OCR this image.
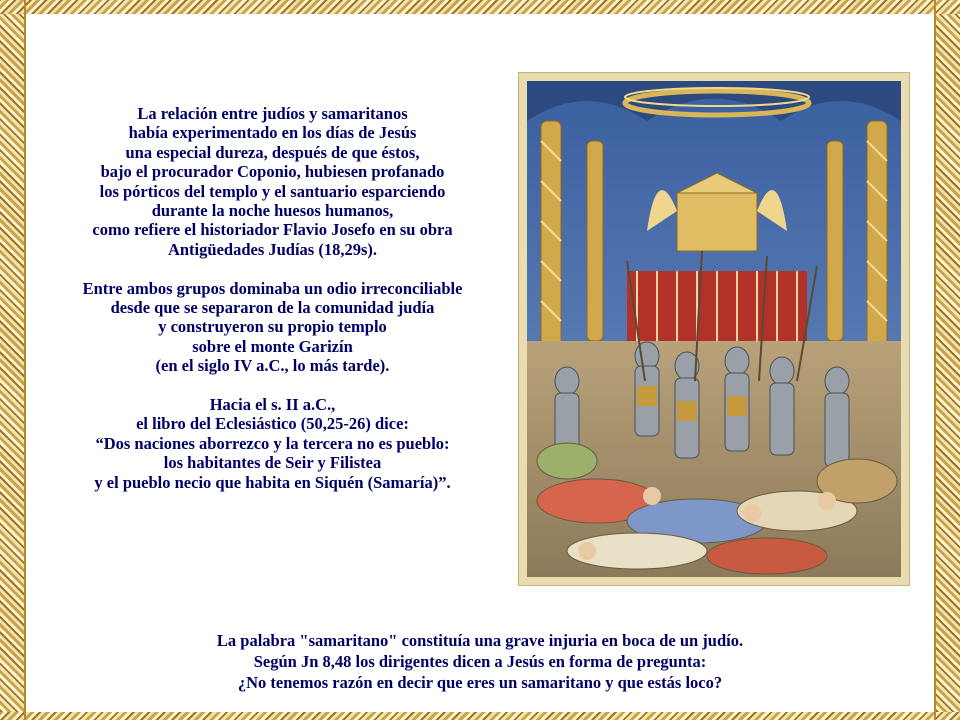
La relación entre judíos y samaritanos
había experimentado en los días de Jesús
una especial dureza, después de que éstos,
bajo el procurador Coponio, hubiesen profanado
los pórticos del templo y el santuario esparciendo
durante la noche huesos humanos,
como refiere el historiador Flavio Josefo en su obra
Antigüedades Judías (18,29s).
Entre ambos grupos dominaba un odio irreconciliable
desde que se separaron de la comunidad judía
y construyeron su propio templo
sobre el monte Garizín
(en el siglo IV a.C., lo más tarde).
Hacia el s. II a.C.,
el libro del Eclesiástico (50,25-26) dice:
“Dos naciones aborrezco y la tercera no es pueblo:
los habitantes de Seir y Filistea
y el pueblo necio que habita en Siquén (Samaría)”.
La palabra "samaritano" constituía una grave injuria en boca de un judío.
Según Jn 8,48 los dirigentes dicen a Jesús en forma de pregunta:
¿No tenemos razón en decir que eres un samaritano y que estás loco?
